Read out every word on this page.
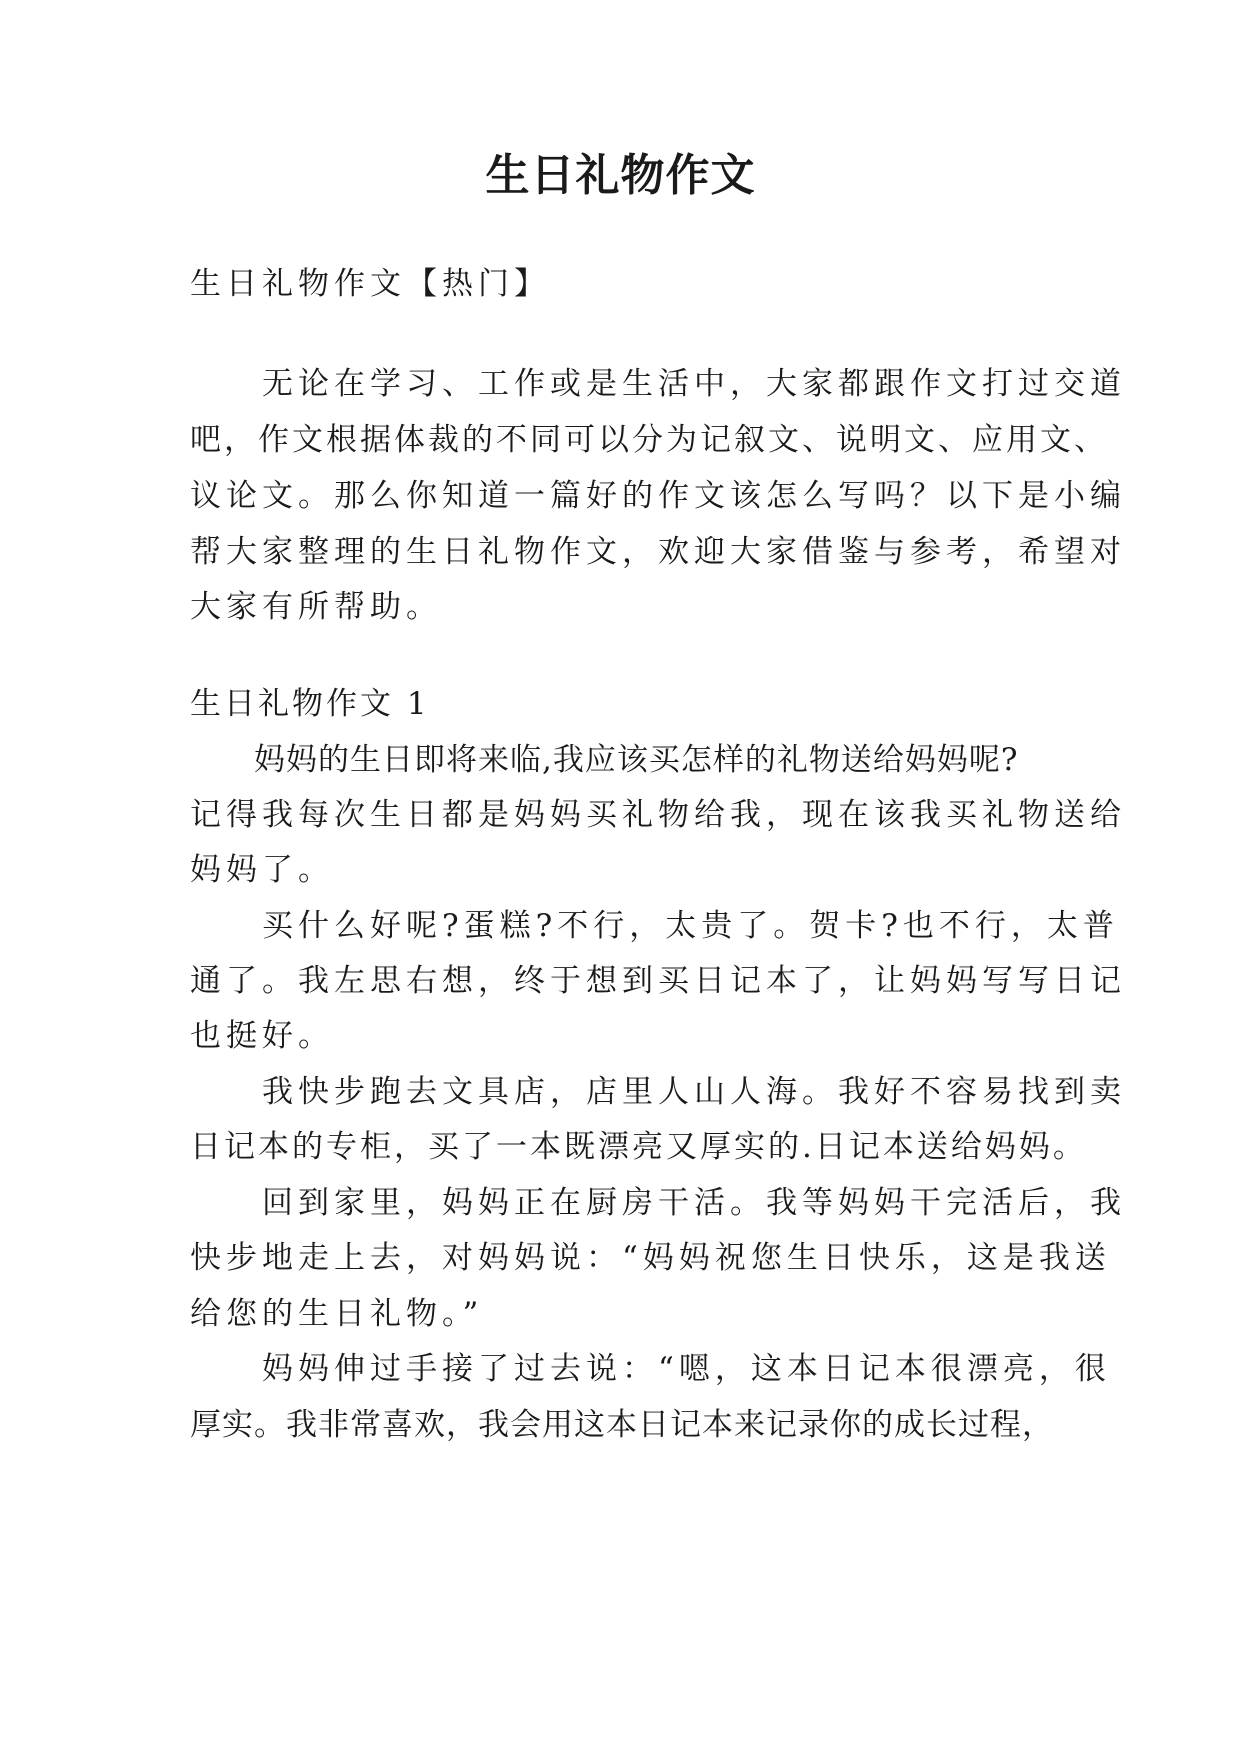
生日礼物作文

生日礼物作文【热门】

　　无论在学习、工作或是生活中，大家都跟作文打过交道

吧，作文根据体裁的不同可以分为记叙文、说明文、应用文、

议论文。那么你知道一篇好的作文该怎么写吗？以下是小编

帮大家整理的生日礼物作文，欢迎大家借鉴与参考，希望对

大家有所帮助。

生日礼物作文 1

　　妈妈的生日即将来临,我应该买怎样的礼物送给妈妈呢?

记得我每次生日都是妈妈买礼物给我，现在该我买礼物送给

妈妈了。

　　买什么好呢?蛋糕?不行，太贵了。贺卡?也不行，太普

通了。我左思右想，终于想到买日记本了，让妈妈写写日记

也挺好。

　　我快步跑去文具店，店里人山人海。我好不容易找到卖

日记本的专柜，买了一本既漂亮又厚实的.日记本送给妈妈。

　　回到家里，妈妈正在厨房干活。我等妈妈干完活后，我

快步地走上去，对妈妈说：“妈妈祝您生日快乐，这是我送

给您的生日礼物。”

　　妈妈伸过手接了过去说：“嗯，这本日记本很漂亮，很

厚实。我非常喜欢，我会用这本日记本来记录你的成长过程，
